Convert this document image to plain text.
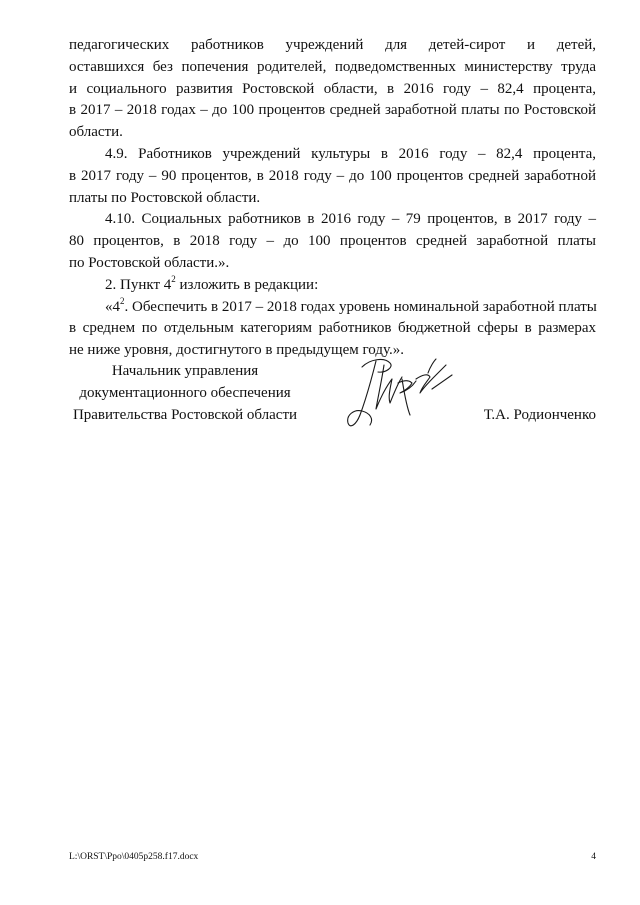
педагогических работников учреждений для детей-сирот и детей,
оставшихся без попечения родителей, подведомственных министерству труда
и социального развития Ростовской области, в 2016 году – 82,4 процента,
в 2017 – 2018 годах – до 100 процентов средней заработной платы по Ростовской
области.
4.9. Работников учреждений культуры в 2016 году – 82,4 процента,
в 2017 году – 90 процентов, в 2018 году – до 100 процентов средней заработной
платы по Ростовской области.
4.10. Социальных работников в 2016 году – 79 процентов, в 2017 году –
80 процентов, в 2018 году – до 100 процентов средней заработной платы
по Ростовской области.».
2. Пункт $4^2$ изложить в редакции:
«$4^2$. Обеспечить в 2017 – 2018 годах уровень номинальной заработной платы
в среднем по отдельным категориям работников бюджетной сферы в размерах
не ниже уровня, достигнутого в предыдущем году.».
Начальник управления
документационного обеспечения
Правительства Ростовской области	Т.А. Родионченко
L:\ORST\Ppo\0405p258.f17.docx	4
